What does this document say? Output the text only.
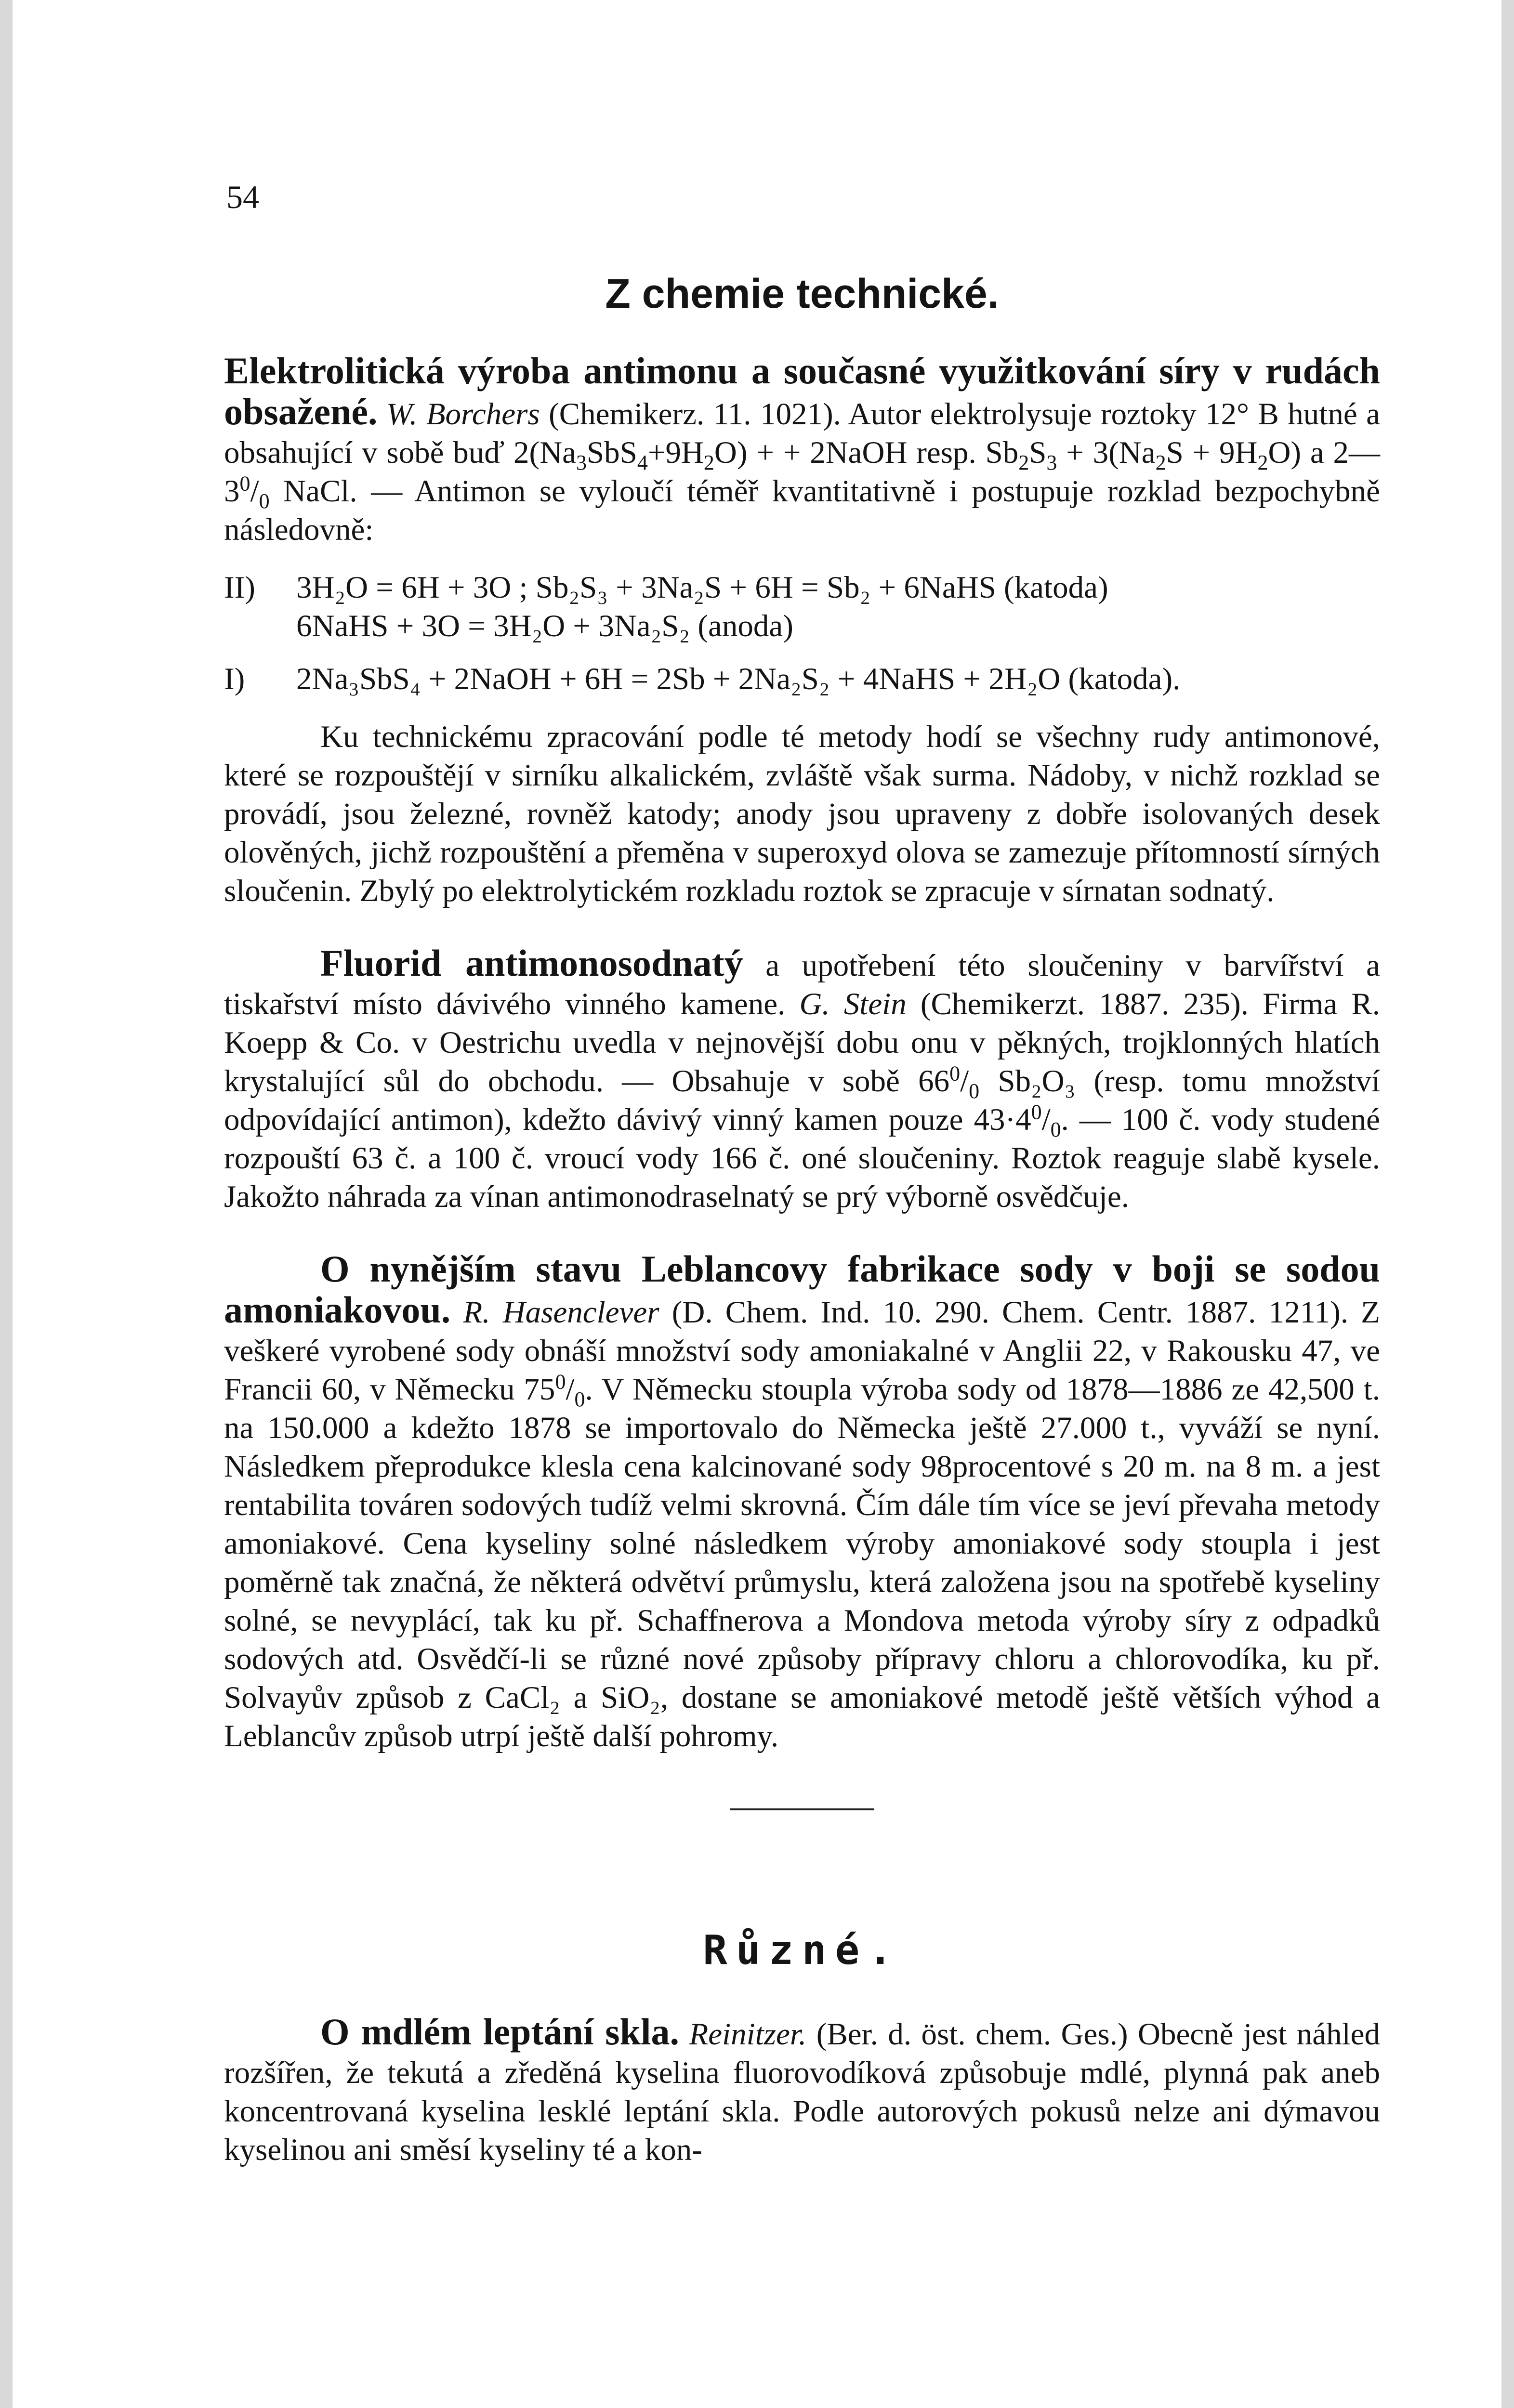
54
Z chemie technické.

Elektrolitická výroba antimonu a současné využitkování síry v rudách obsažené. W. Borchers (Chemikerz. 11. 1021). Autor elektrolysuje roztoky 12° B hutné a obsahující v sobě buď $2(Na_3SbS_4+9H_2O)$ + + 2NaOH resp. $Sb_2S_3 + 3(Na_2S + 9H_2O)$ a $2—3^0/_0$ NaCl. — Antimon se vyloučí téměř kvantitativně i postupuje rozklad bezpochybně následovně:

II)	3H₂O = 6H + 3O ; Sb₂S₃ + 3Na₂S + 6H = Sb₂ + 6NaHS (katoda)
6NaHS + 3O = 3H₂O + 3Na₂S₂ (anoda)
I)	2Na₃SbS₄ + 2NaOH + 6H = 2Sb + 2Na₂S₂ + 4NaHS + 2H₂O (katoda).

Ku technickému zpracování podle té metody hodí se všechny rudy antimonové, které se rozpouštějí v sirníku alkalickém, zvláště však surma. Nádoby, v nichž rozklad se provádí, jsou železné, rovněž katody; anody jsou upraveny z dobře isolovaných desek olověných, jichž rozpouštění a přeměna v superoxyd olova se zamezuje přítomností sírných sloučenin. Zbylý po elektrolytickém rozkladu roztok se zpracuje v sírnatan sodnatý.

Fluorid antimonosodnatý a upotřebení této sloučeniny v barvířství a tiskařství místo dávivého vinného kamene. G. Stein (Chemikerzt. 1887. 235). Firma R. Koepp & Co. v Oestrichu uvedla v nejnovější dobu onu v pěkných, trojklonných hlatích krystalující sůl do obchodu. — Obsahuje v sobě $66^0/_0$ Sb₂O₃ (resp. tomu množství odpovídající antimon), kdežto dávivý vinný kamen pouze $43\cdot 4^0/_0$. — 100 č. vody studené rozpouští 63 č. a 100 č. vroucí vody 166 č. oné sloučeniny. Roztok reaguje slabě kysele. Jakožto náhrada za vínan antimonodraselnatý se prý výborně osvědčuje.

O nynějším stavu Leblancovy fabrikace sody v boji se sodou amoniakovou. R. Hasenclever (D. Chem. Ind. 10. 290. Chem. Centr. 1887. 1211). Z veškeré vyrobené sody obnáší množství sody amoniakalné v Anglii 22, v Rakousku 47, ve Francii 60, v Německu $75^0/_0$. V Německu stoupla výroba sody od 1878—1886 ze 42,500 t. na 150.000 a kdežto 1878 se importovalo do Německa ještě 27.000 t., vyváží se nyní. Následkem přeprodukce klesla cena kalcinované sody 98procentové s 20 m. na 8 m. a jest rentabilita továren sodových tudíž velmi skrovná. Čím dále tím více se jeví převaha metody amoniakové. Cena kyseliny solné následkem výroby amoniakové sody stoupla i jest poměrně tak značná, že některá odvětví průmyslu, která založena jsou na spotřebě kyseliny solné, se nevyplácí, tak ku př. Schaffnerova a Mondova metoda výroby síry z odpadků sodových atd. Osvědčí-li se různé nové způsoby přípravy chloru a chlorovodíka, ku př. Solvayův způsob z CaCl₂ a SiO₂, dostane se amoniakové metodě ještě větších výhod a Leblancův způsob utrpí ještě další pohromy.

Různé.

O mdlém leptání skla. Reinitzer. (Ber. d. öst. chem. Ges.) Obecně jest náhled rozšířen, že tekutá a zředěná kyselina fluorovodíková způsobuje mdlé, plynná pak aneb koncentrovaná kyselina lesklé leptání skla. Podle autorových pokusů nelze ani dýmavou kyselinou ani směsí kyseliny té a kon-
